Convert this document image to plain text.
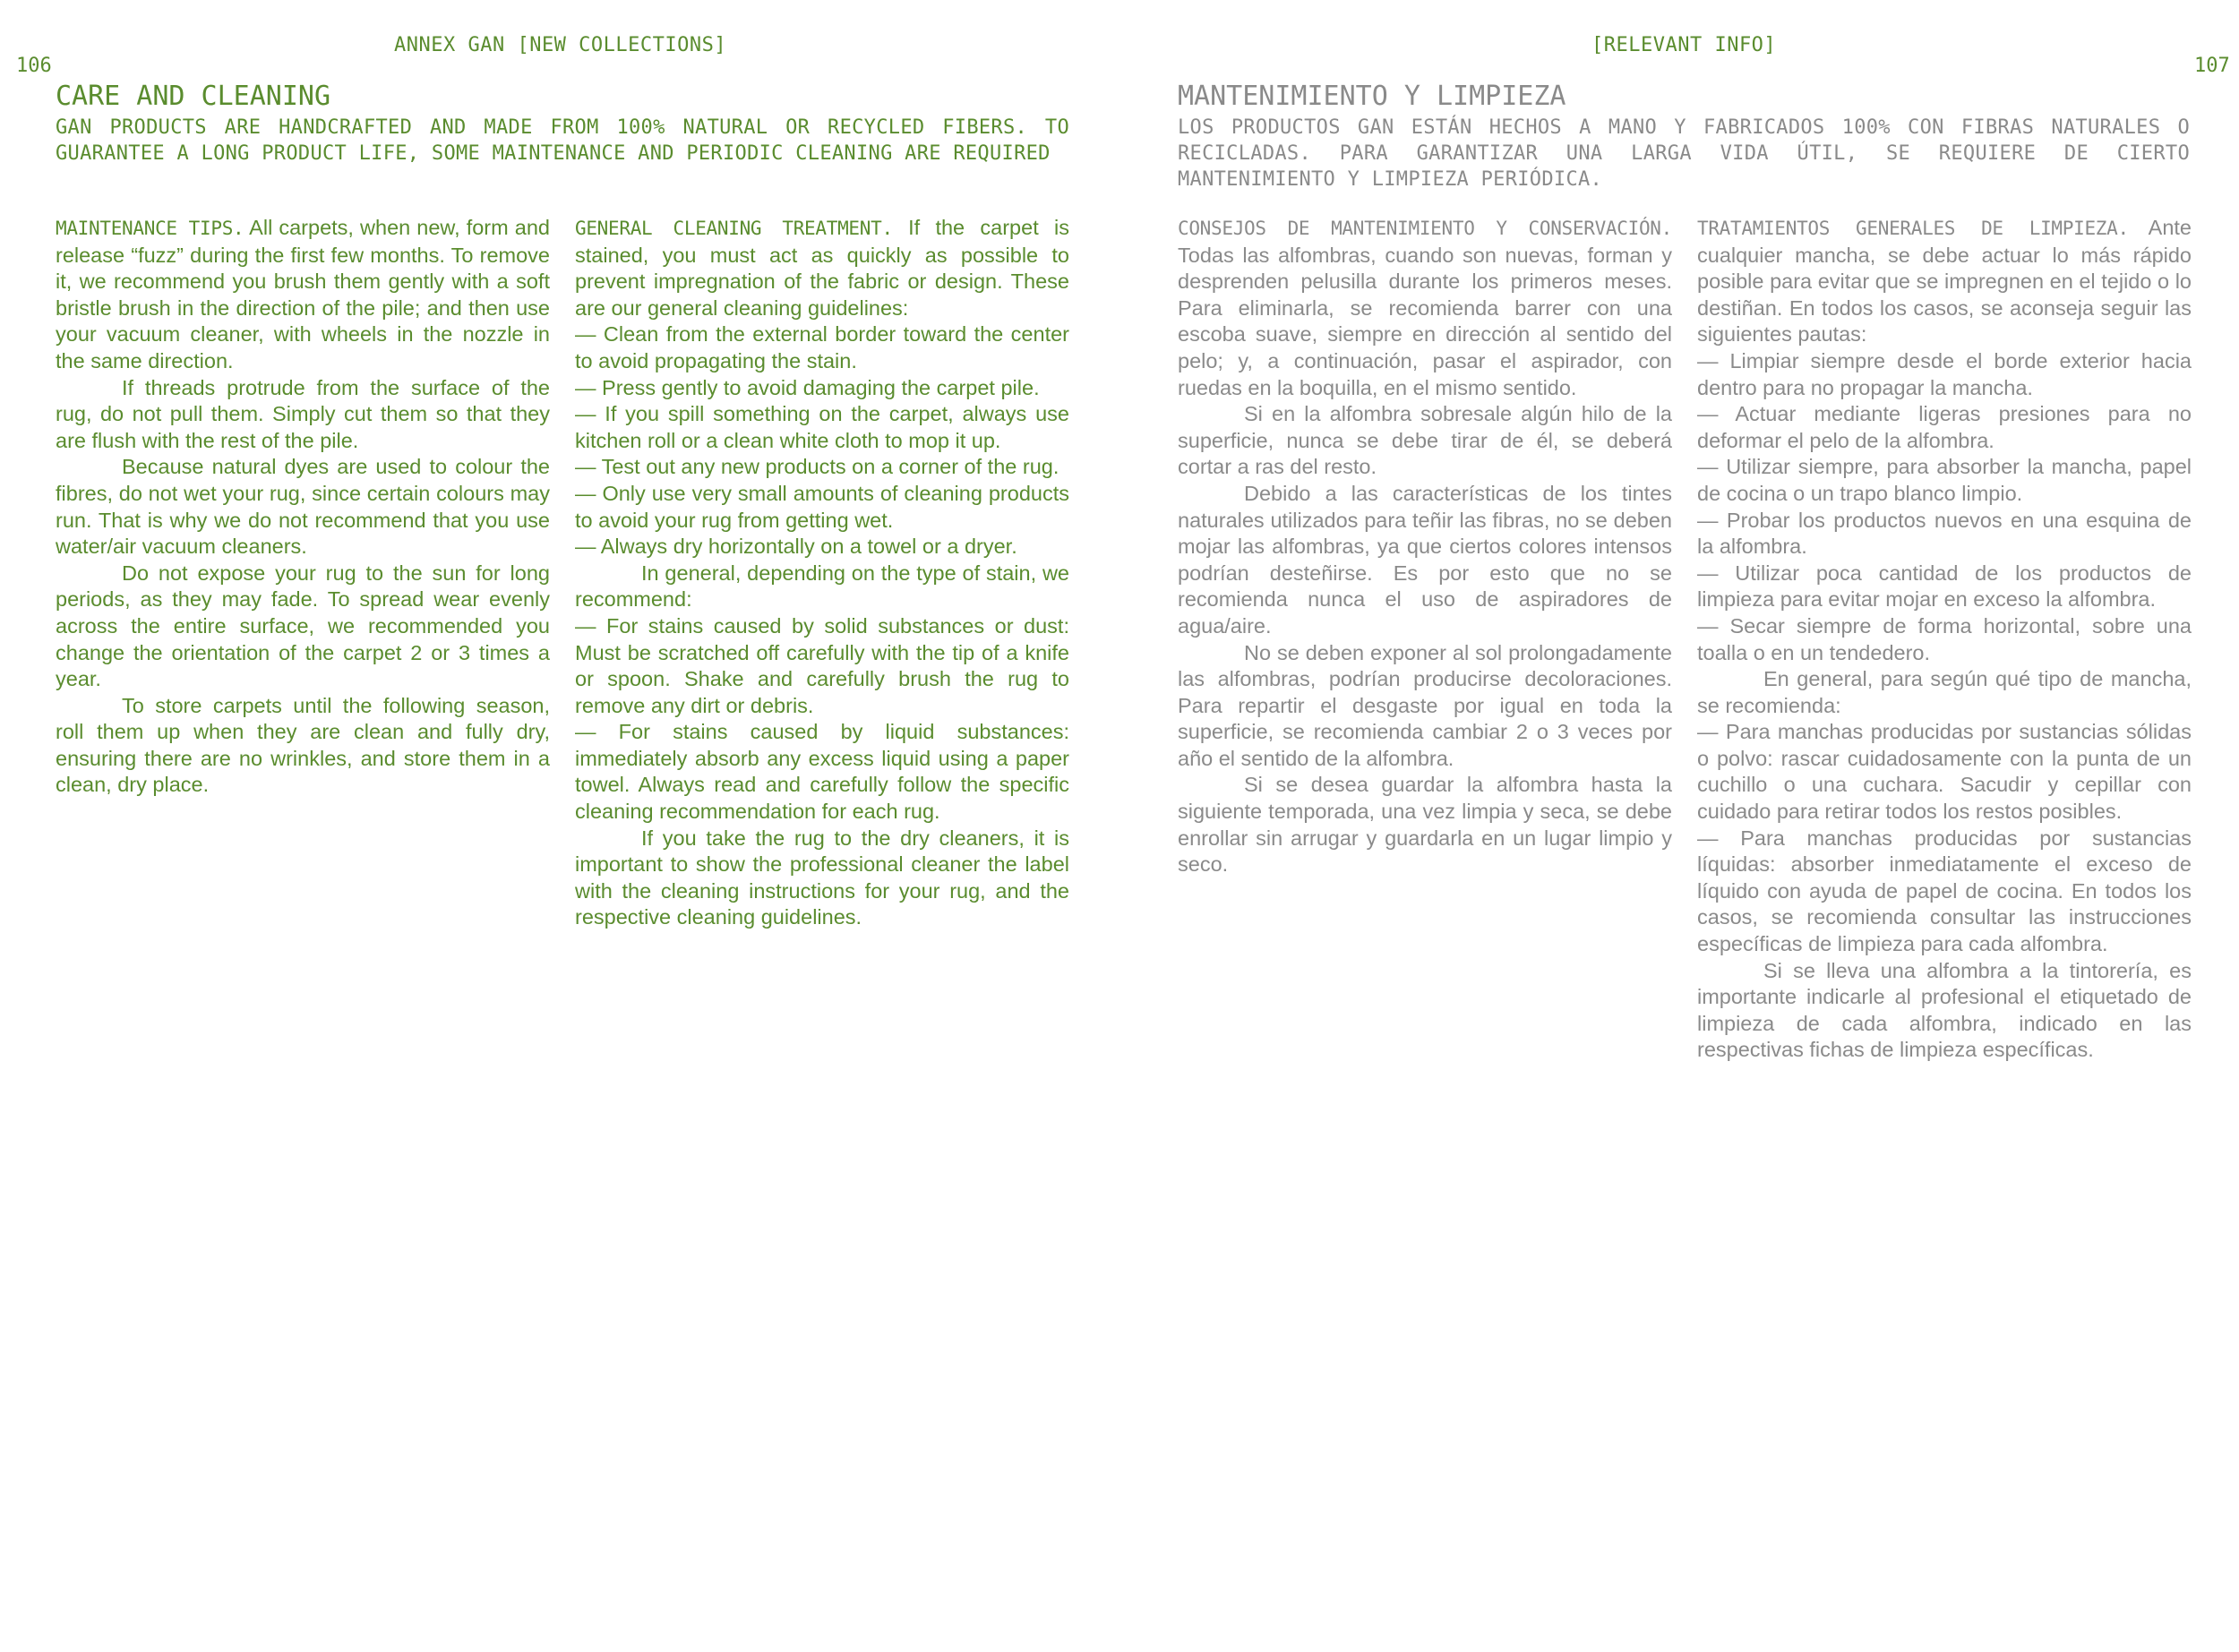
ANNEX GAN [NEW COLLECTIONS]
106
CARE AND CLEANING

GAN PRODUCTS ARE HANDCRAFTED AND MADE FROM 100% NATURAL OR RECYCLED FIBERS. TO GUARANTEE A LONG PRODUCT LIFE, SOME MAINTENANCE AND PERIODIC CLEANING ARE REQUIRED

MAINTENANCE TIPS. All carpets, when new, form and release “fuzz” during the first few months. To remove it, we recommend you brush them gently with a soft bristle brush in the direction of the pile; and then use your vacuum cleaner, with wheels in the nozzle in the same direction.

If threads protrude from the surface of the rug, do not pull them. Simply cut them so that they are flush with the rest of the pile.

Because natural dyes are used to colour the fibres, do not wet your rug, since certain colours may run. That is why we do not recommend that you use water/air vacuum cleaners.

Do not expose your rug to the sun for long periods, as they may fade. To spread wear evenly across the entire surface, we recommended you change the orientation of the carpet 2 or 3 times a year.

To store carpets until the following season, roll them up when they are clean and fully dry, ensuring there are no wrinkles, and store them in a clean, dry place.

GENERAL CLEANING TREATMENT. If the carpet is stained, you must act as quickly as possible to prevent impregnation of the fabric or design. These are our general cleaning guidelines:

— Clean from the external border toward the center to avoid propagating the stain.

— Press gently to avoid damaging the carpet pile.

— If you spill something on the carpet, always use kitchen roll or a clean white cloth to mop it up.

— Test out any new products on a corner of the rug.

— Only use very small amounts of cleaning products to avoid your rug from getting wet.

— Always dry horizontally on a towel or a dryer.

In general, depending on the type of stain, we recommend:

— For stains caused by solid substances or dust: Must be scratched off carefully with the tip of a knife or spoon. Shake and carefully brush the rug to remove any dirt or debris.

— For stains caused by liquid substances: immediately absorb any excess liquid using a paper towel. Always read and carefully follow the specific cleaning recommendation for each rug.

If you take the rug to the dry cleaners, it is important to show the professional cleaner the label with the cleaning instructions for your rug, and the respective cleaning guidelines.

[RELEVANT INFO]
107
MANTENIMIENTO Y LIMPIEZA

LOS PRODUCTOS GAN ESTÁN HECHOS A MANO Y FABRICADOS 100% CON FIBRAS NATURALES O RECICLADAS. PARA GARANTIZAR UNA LARGA VIDA ÚTIL, SE REQUIERE DE CIERTO MANTENIMIENTO Y LIMPIEZA PERIÓDICA.

CONSEJOS DE MANTENIMIENTO Y CONSERVACIÓN. Todas las alfombras, cuando son nuevas, forman y desprenden pelusilla durante los primeros meses. Para eliminarla, se recomienda barrer con una escoba suave, siempre en dirección al sentido del pelo; y, a continuación, pasar el aspirador, con ruedas en la boquilla, en el mismo sentido.

Si en la alfombra sobresale algún hilo de la superficie, nunca se debe tirar de él, se deberá cortar a ras del resto.

Debido a las características de los tintes naturales utilizados para teñir las fibras, no se deben mojar las alfombras, ya que ciertos colores intensos podrían desteñirse. Es por esto que no se recomienda nunca el uso de aspiradores de agua/aire.

No se deben exponer al sol prolongadamente las alfombras, podrían producirse decoloraciones. Para repartir el desgaste por igual en toda la superficie, se recomienda cambiar 2 o 3 veces por año el sentido de la alfombra.

Si se desea guardar la alfombra hasta la siguiente temporada, una vez limpia y seca, se debe enrollar sin arrugar y guardarla en un lugar limpio y seco.

TRATAMIENTOS GENERALES DE LIMPIEZA. Ante cualquier mancha, se debe actuar lo más rápido posible para evitar que se impregnen en el tejido o lo destiñan. En todos los casos, se aconseja seguir las siguientes pautas:

— Limpiar siempre desde el borde exterior hacia dentro para no propagar la mancha.

— Actuar mediante ligeras presiones para no deformar el pelo de la alfombra.

— Utilizar siempre, para absorber la mancha, papel de cocina o un trapo blanco limpio.

— Probar los productos nuevos en una esquina de la alfombra.

— Utilizar poca cantidad de los productos de limpieza para evitar mojar en exceso la alfombra.

— Secar siempre de forma horizontal, sobre una toalla o en un tendedero.

En general, para según qué tipo de mancha, se recomienda:

— Para manchas producidas por sustancias sólidas o polvo: rascar cuidadosamente con la punta de un cuchillo o una cuchara. Sacudir y cepillar con cuidado para retirar todos los restos posibles.

— Para manchas producidas por sustancias líquidas: absorber inmediatamente el exceso de líquido con ayuda de papel de cocina. En todos los casos, se recomienda consultar las instrucciones específicas de limpieza para cada alfombra.

Si se lleva una alfombra a la tintorería, es importante indicarle al profesional el etiquetado de limpieza de cada alfombra, indicado en las respectivas fichas de limpieza específicas.
